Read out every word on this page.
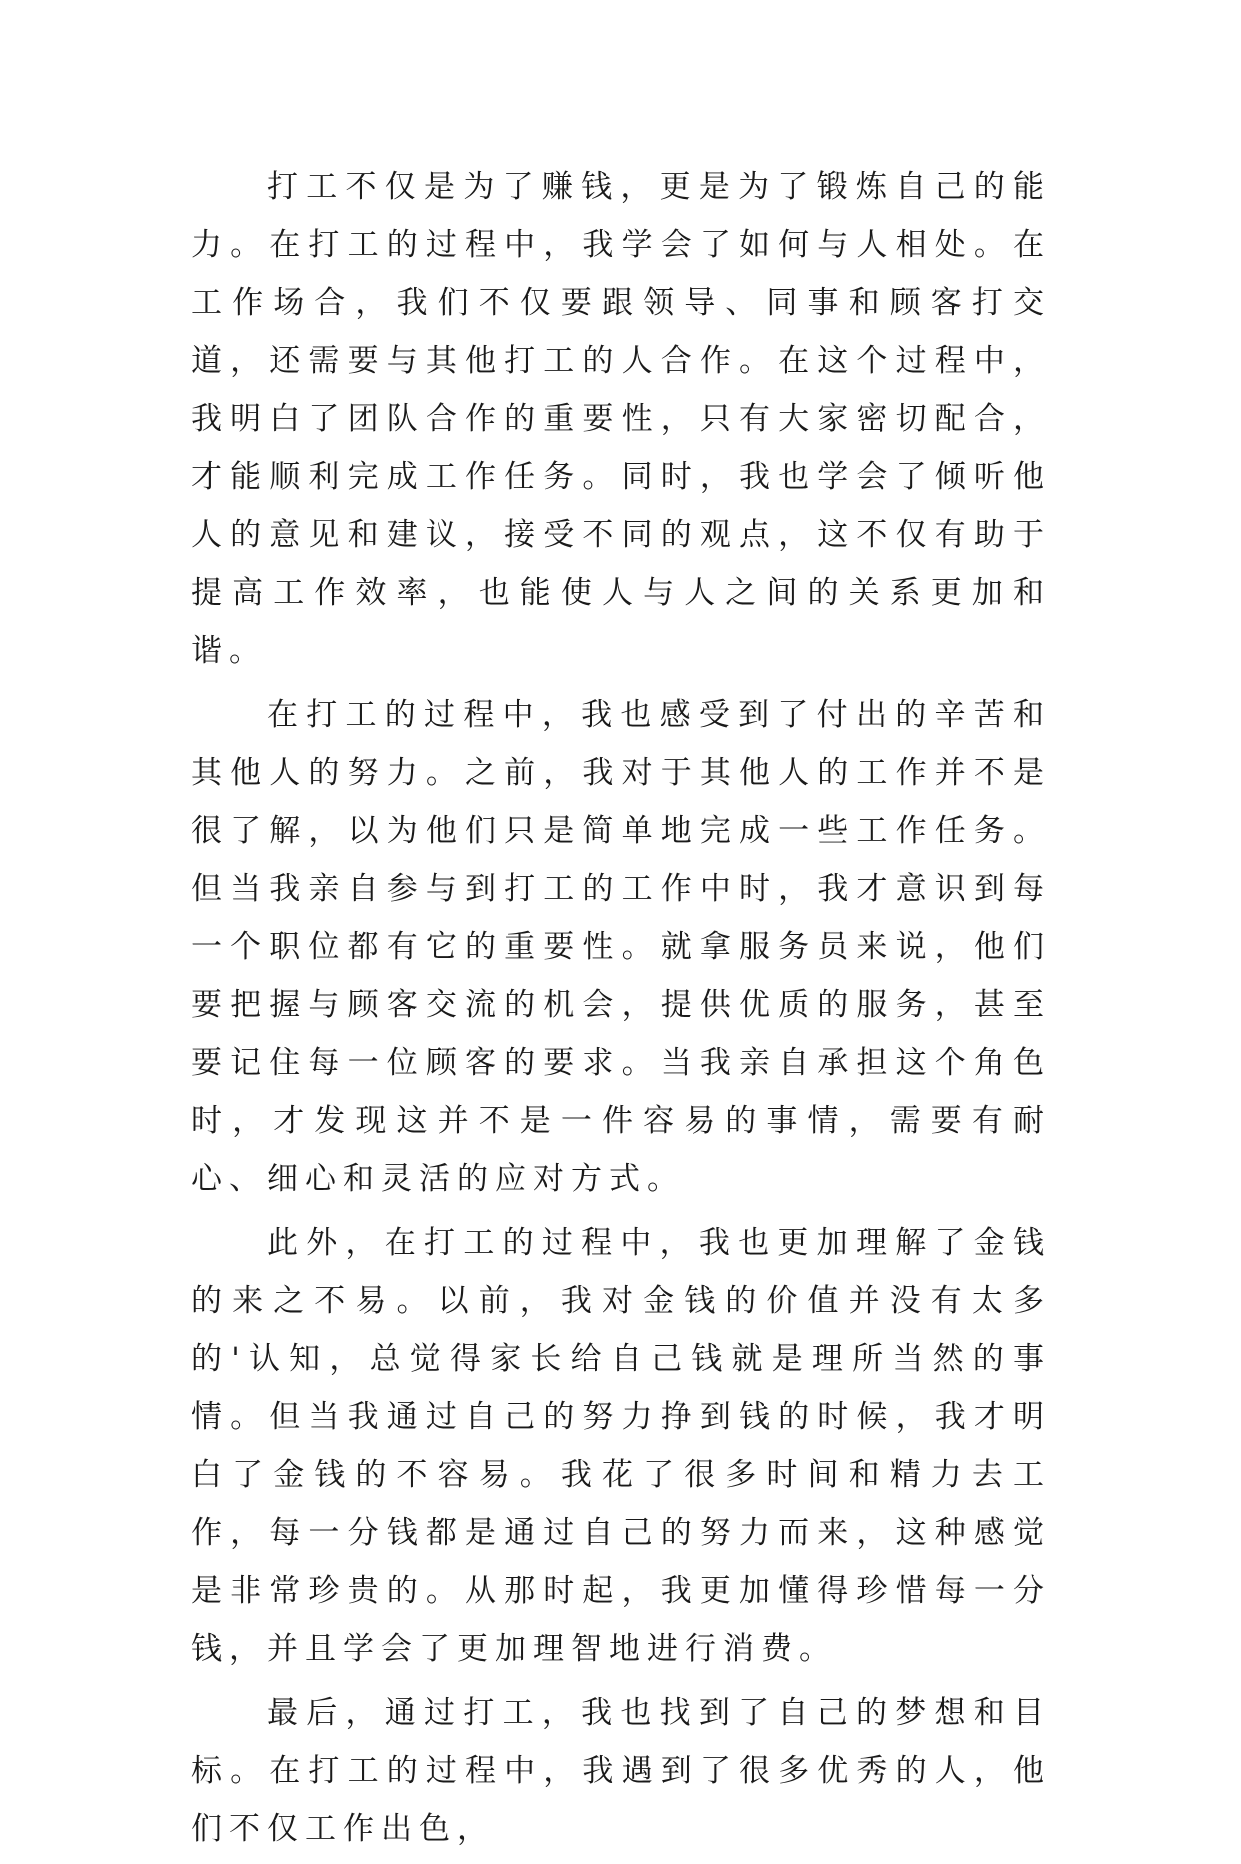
打工不仅是为了赚钱，更是为了锻炼自己的能力。在打工的过程中，我学会了如何与人相处。在工作场合，我们不仅要跟领导、同事和顾客打交道，还需要与其他打工的人合作。在这个过程中，我明白了团队合作的重要性，只有大家密切配合，才能顺利完成工作任务。同时，我也学会了倾听他人的意见和建议，接受不同的观点，这不仅有助于提高工作效率，也能使人与人之间的关系更加和谐。

在打工的过程中，我也感受到了付出的辛苦和其他人的努力。之前，我对于其他人的工作并不是很了解，以为他们只是简单地完成一些工作任务。但当我亲自参与到打工的工作中时，我才意识到每一个职位都有它的重要性。就拿服务员来说，他们要把握与顾客交流的机会，提供优质的服务，甚至要记住每一位顾客的要求。当我亲自承担这个角色时，才发现这并不是一件容易的事情，需要有耐心、细心和灵活的应对方式。

此外，在打工的过程中，我也更加理解了金钱的来之不易。以前，我对金钱的价值并没有太多的'认知，总觉得家长给自己钱就是理所当然的事情。但当我通过自己的努力挣到钱的时候，我才明白了金钱的不容易。我花了很多时间和精力去工作，每一分钱都是通过自己的努力而来，这种感觉是非常珍贵的。从那时起，我更加懂得珍惜每一分钱，并且学会了更加理智地进行消费。

最后，通过打工，我也找到了自己的梦想和目标。在打工的过程中，我遇到了很多优秀的人，他们不仅工作出色，
